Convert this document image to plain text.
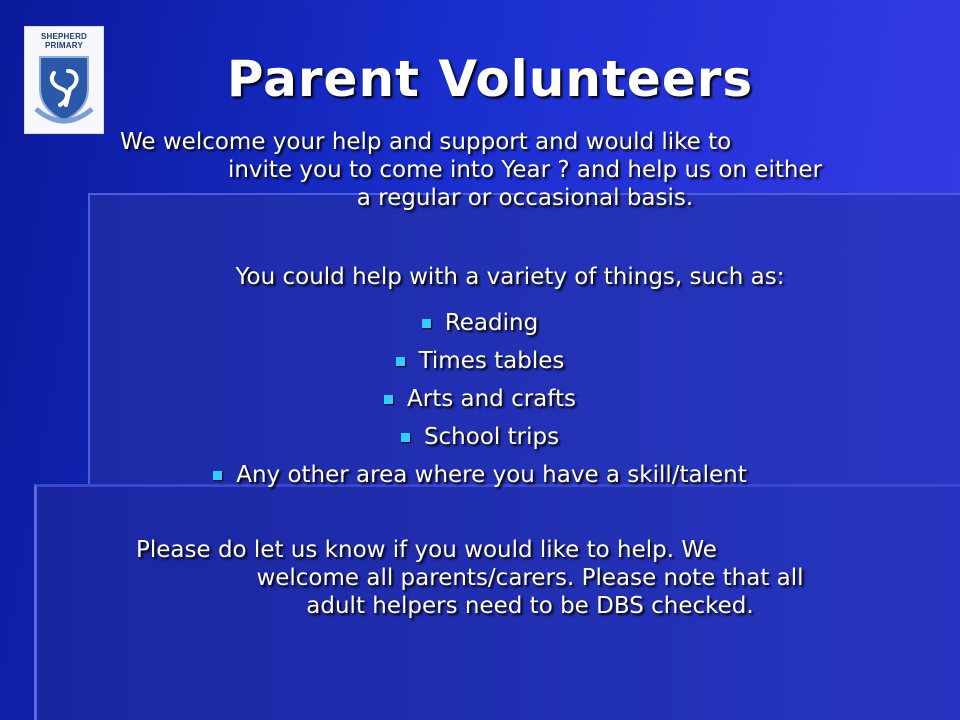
SHEPHERD
PRIMARY
Parent Volunteers
We welcome your help and support and would like to
invite you to come into Year ? and help us on either
a regular or occasional basis.
You could help with a variety of things, such as:
Reading
Times tables
Arts and crafts
School trips
Any other area where you have a skill/talent
Please do let us know if you would like to help. We
welcome all parents/carers. Please note that all
adult helpers need to be DBS checked.
